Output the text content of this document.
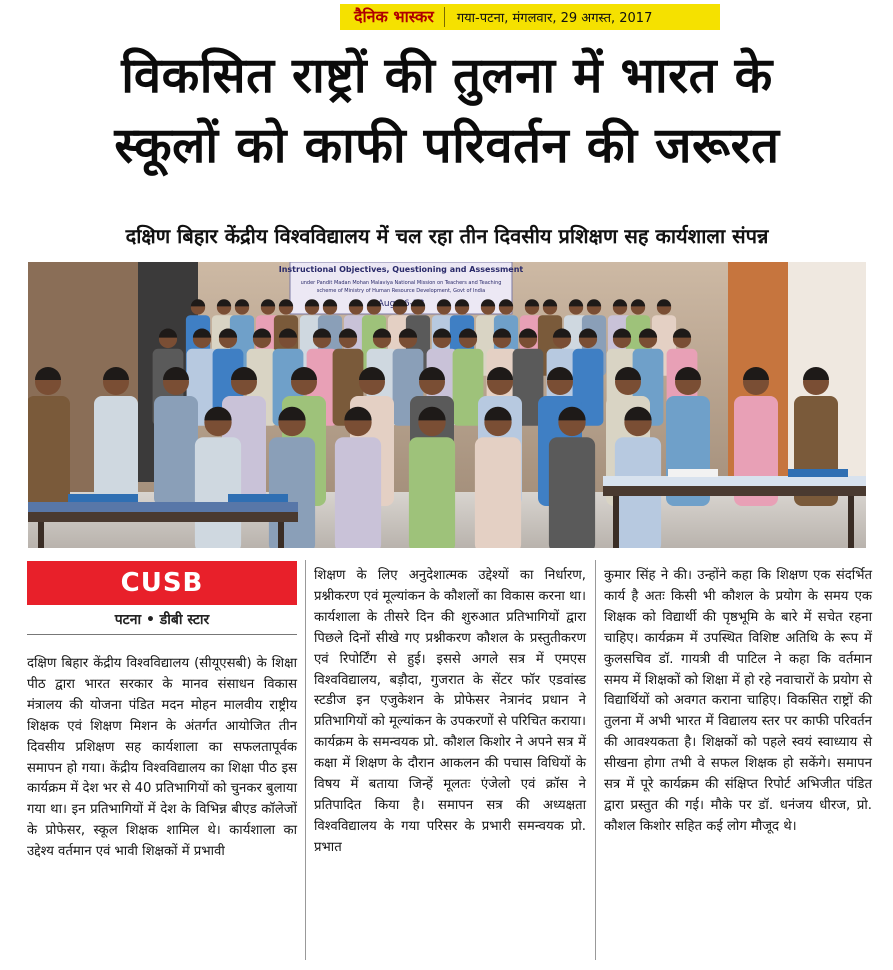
दैनिक भास्कर	गया-पटना, मंगलवार, 29 अगस्त, 2017
विकसित राष्ट्रों की तुलना में भारत के
स्कूलों को काफी परिवर्तन की जरूरत
दक्षिण बिहार केंद्रीय विश्वविद्यालय में चल रहा तीन दिवसीय प्रशिक्षण सह कार्यशाला संपन्न
Instructional Objectives, Questioning and Assessment
under Pandit Madan Mohan Malaviya National Mission on Teachers and Teaching
scheme of Ministry of Human Resource Development, Govt of India
Aug 26-28
CUSB
पटना • डीबी स्टार
दक्षिण बिहार केंद्रीय विश्वविद्यालय (सीयूएसबी) के शिक्षा पीठ द्वारा भारत सरकार के मानव संसाधन विकास मंत्रालय की योजना पंडित मदन मोहन मालवीय राष्ट्रीय शिक्षक एवं शिक्षण मिशन के अंतर्गत आयोजित तीन दिवसीय प्रशिक्षण सह कार्यशाला का सफलतापूर्वक समापन हो गया। केंद्रीय विश्वविद्यालय का शिक्षा पीठ इस कार्यक्रम में देश भर से 40 प्रतिभागियों को चुनकर बुलाया गया था। इन प्रतिभागियों में देश के विभिन्न बीएड कॉलेजों के प्रोफेसर, स्कूल शिक्षक शामिल थे। कार्यशाला का उद्देश्य वर्तमान एवं भावी शिक्षकों में प्रभावी
शिक्षण के लिए अनुदेशात्मक उद्देश्यों का निर्धारण, प्रश्नीकरण एवं मूल्यांकन के कौशलों का विकास करना था। कार्यशाला के तीसरे दिन की शुरुआत प्रतिभागियों द्वारा पिछले दिनों सीखे गए प्रश्नीकरण कौशल के प्रस्तुतीकरण एवं रिपोर्टिंग से हुई। इससे अगले सत्र में एमएस विश्वविद्यालय, बड़ौदा, गुजरात के सेंटर फॉर एडवांस्ड स्टडीज इन एजुकेशन के प्रोफेसर नेत्रानंद प्रधान ने प्रतिभागियों को मूल्यांकन के उपकरणों से परिचित कराया। कार्यक्रम के समन्वयक प्रो. कौशल किशोर ने अपने सत्र में कक्षा में शिक्षण के दौरान आकलन की पचास विधियों के विषय में बताया जिन्हें मूलतः एंजेलो एवं क्रॉस ने प्रतिपादित किया है। समापन सत्र की अध्यक्षता विश्वविद्यालय के गया परिसर के प्रभारी समन्वयक प्रो. प्रभात
कुमार सिंह ने की। उन्होंने कहा कि शिक्षण एक संदर्भित कार्य है अतः किसी भी कौशल के प्रयोग के समय एक शिक्षक को विद्यार्थी की पृष्ठभूमि के बारे में सचेत रहना चाहिए। कार्यक्रम में उपस्थित विशिष्ट अतिथि के रूप में कुलसचिव डॉ. गायत्री वी पाटिल ने कहा कि वर्तमान समय में शिक्षकों को शिक्षा में हो रहे नवाचारों के प्रयोग से विद्यार्थियों को अवगत कराना चाहिए। विकसित राष्ट्रों की तुलना में अभी भारत में विद्यालय स्तर पर काफी परिवर्तन की आवश्यकता है। शिक्षकों को पहले स्वयं स्वाध्याय से सीखना होगा तभी वे सफल शिक्षक हो सकेंगे। समापन सत्र में पूरे कार्यक्रम की संक्षिप्त रिपोर्ट अभिजीत पंडित द्वारा प्रस्तुत की गई। मौके पर डॉ. धनंजय धीरज, प्रो. कौशल किशोर सहित कई लोग मौजूद थे।
